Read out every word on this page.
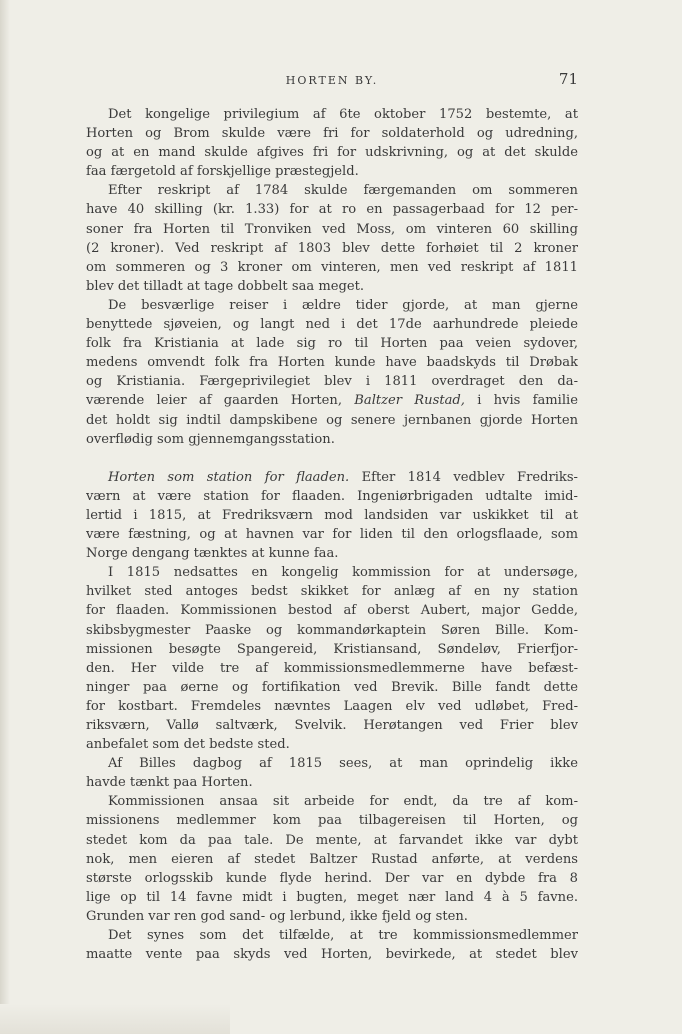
HORTEN BY.	71
Det kongelige privilegium af 6te oktober 1752 bestemte, at
Horten og Brom skulde være fri for soldaterhold og udredning,
og at en mand skulde afgives fri for udskrivning, og at det skulde
faa færgetold af forskjellige præstegjeld.
Efter reskript af 1784 skulde færgemanden om sommeren
have 40 skilling (kr. 1.33) for at ro en passagerbaad for 12 per-
soner fra Horten til Tronviken ved Moss, om vinteren 60 skilling
(2 kroner). Ved reskript af 1803 blev dette forhøiet til 2 kroner
om sommeren og 3 kroner om vinteren, men ved reskript af 1811
blev det tilladt at tage dobbelt saa meget.
De besværlige reiser i ældre tider gjorde, at man gjerne
benyttede sjøveien, og langt ned i det 17de aarhundrede pleiede
folk fra Kristiania at lade sig ro til Horten paa veien sydover,
medens omvendt folk fra Horten kunde have baadskyds til Drøbak
og Kristiania. Færgeprivilegiet blev i 1811 overdraget den da-
værende leier af gaarden Horten, Baltzer Rustad, i hvis familie
det holdt sig indtil dampskibene og senere jernbanen gjorde Horten
overflødig som gjennemgangsstation.
Horten som station for flaaden. Efter 1814 vedblev Fredriks-
værn at være station for flaaden. Ingeniørbrigaden udtalte imid-
lertid i 1815, at Fredriksværn mod landsiden var uskikket til at
være fæstning, og at havnen var for liden til den orlogsflaade, som
Norge dengang tænktes at kunne faa.
I 1815 nedsattes en kongelig kommission for at undersøge,
hvilket sted antoges bedst skikket for anlæg af en ny station
for flaaden. Kommissionen bestod af oberst Aubert, major Gedde,
skibsbygmester Paaske og kommandørkaptein Søren Bille. Kom-
missionen besøgte Spangereid, Kristiansand, Søndeløv, Frierfjor-
den. Her vilde tre af kommissionsmedlemmerne have befæst-
ninger paa øerne og fortifikation ved Brevik. Bille fandt dette
for kostbart. Fremdeles nævntes Laagen elv ved udløbet, Fred-
riksværn, Vallø saltværk, Svelvik. Herøtangen ved Frier blev
anbefalet som det bedste sted.
Af Billes dagbog af 1815 sees, at man oprindelig ikke
havde tænkt paa Horten.
Kommissionen ansaa sit arbeide for endt, da tre af kom-
missionens medlemmer kom paa tilbagereisen til Horten, og
stedet kom da paa tale. De mente, at farvandet ikke var dybt
nok, men eieren af stedet Baltzer Rustad anførte, at verdens
største orlogsskib kunde flyde herind. Der var en dybde fra 8
lige op til 14 favne midt i bugten, meget nær land 4 à 5 favne.
Grunden var ren god sand- og lerbund, ikke fjeld og sten.
Det synes som det tilfælde, at tre kommissionsmedlemmer
maatte vente paa skyds ved Horten, bevirkede, at stedet blev
